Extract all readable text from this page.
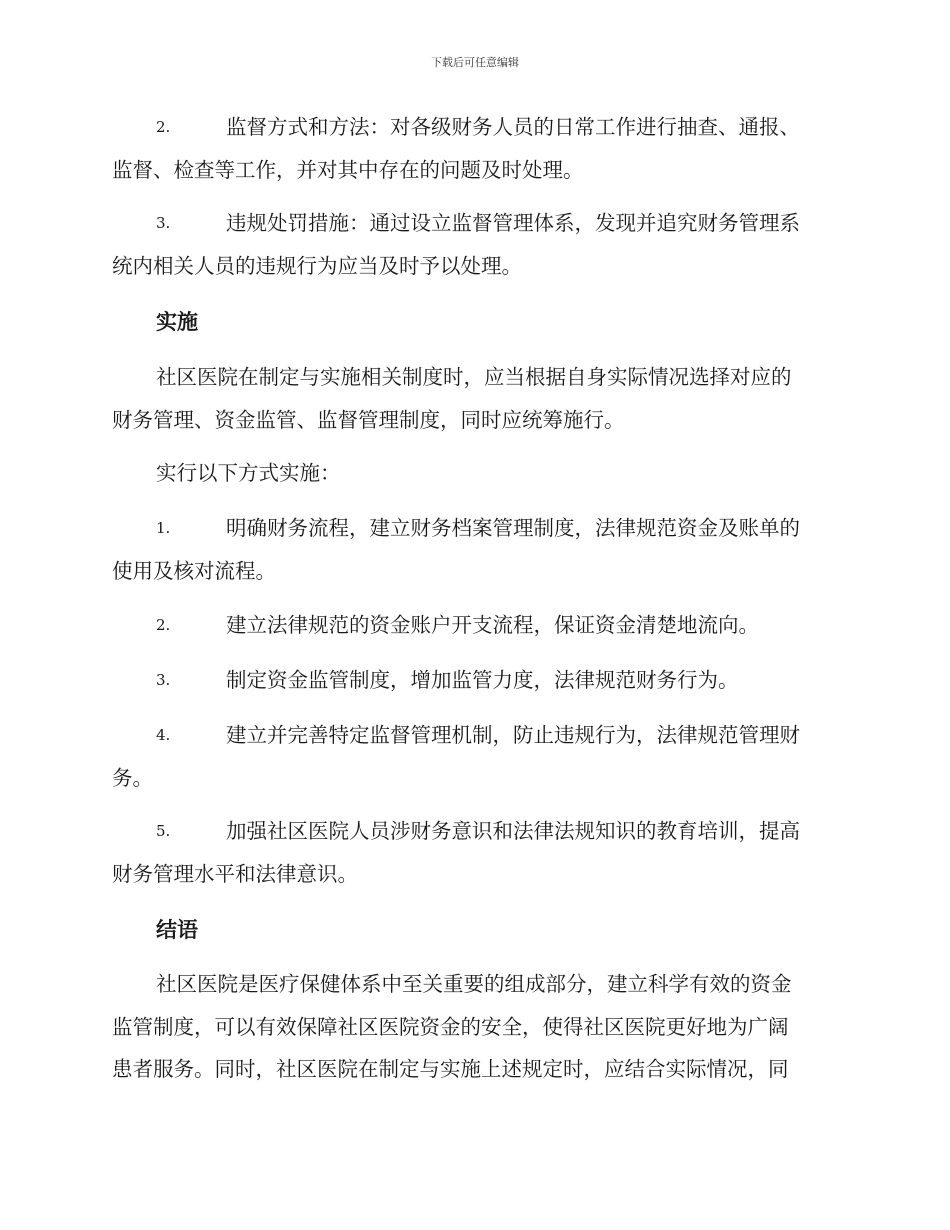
下载后可任意编辑
2.	监督方式和方法：对各级财务人员的日常工作进行抽查、通报、
监督、检查等工作，并对其中存在的问题及时处理。
3.	违规处罚措施：通过设立监督管理体系，发现并追究财务管理系
统内相关人员的违规行为应当及时予以处理。
实施
社区医院在制定与实施相关制度时，应当根据自身实际情况选择对应的
财务管理、资金监管、监督管理制度，同时应统筹施行。
实行以下方式实施：
1.	明确财务流程，建立财务档案管理制度，法律规范资金及账单的
使用及核对流程。
2.	建立法律规范的资金账户开支流程，保证资金清楚地流向。
3.	制定资金监管制度，增加监管力度，法律规范财务行为。
4.	建立并完善特定监督管理机制，防止违规行为，法律规范管理财
务。
5.	加强社区医院人员涉财务意识和法律法规知识的教育培训，提高
财务管理水平和法律意识。
结语
社区医院是医疗保健体系中至关重要的组成部分，建立科学有效的资金
监管制度，可以有效保障社区医院资金的安全，使得社区医院更好地为广阔
患者服务。同时，社区医院在制定与实施上述规定时，应结合实际情况，同
